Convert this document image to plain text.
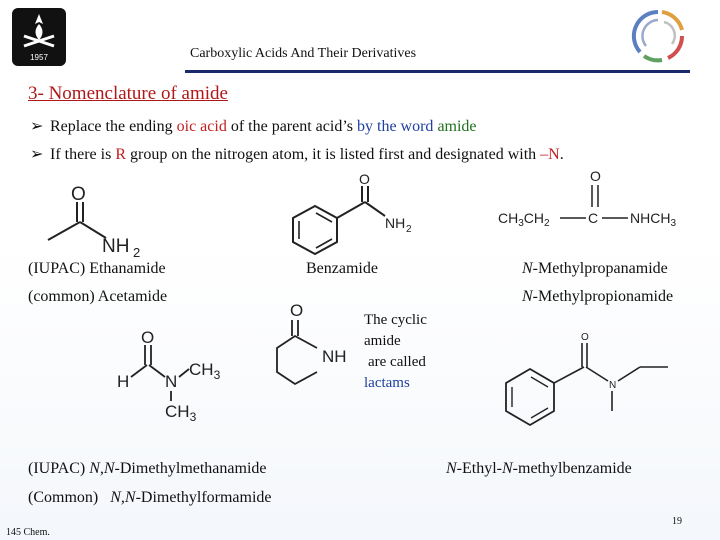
1957	Carboxylic Acids And Their Derivatives
3- Nomenclature of amide
➢ Replace the ending oic acid of the parent acid’s by the word amide
➢ If there is R group on the nitrogen atom, it is listed first and designated with –N.
O
NH 2
O
NH 2
$CH_3CH_2$	C
O
$NHCH_3$
(IUPAC) Ethanamide
(common) Acetamide
Benzamide	N-Methylpropanamide
N-Methylpropionamide
H
O
N
$CH_3$
$CH_3$
O
NH
The cyclic
amide
are called
lactams
O
N
(IUPAC) N,N-Dimethylmethanamide
(Common)   N,N-Dimethylformamide
N-Ethyl-N-methylbenzamide
145 Chem.
19
